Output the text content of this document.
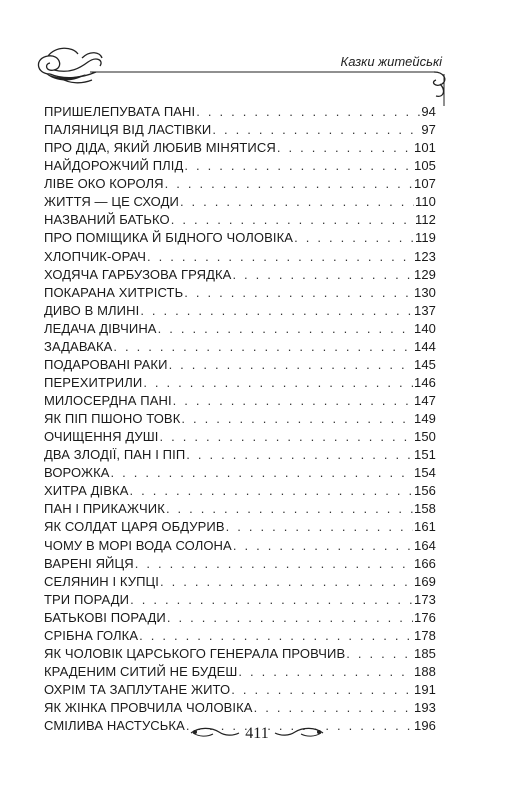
Казки житейські
ПРИШЕЛЕПУВАТА ПАНІ . . .	94
ПАЛЯНИЦЯ ВІД ЛАСТІВКИ . . .	97
ПРО ДІДА, ЯКИЙ ЛЮБИВ МІНЯТИСЯ . . .	101
НАЙДОРОЖЧИЙ ПЛІД . . .	105
ЛІВЕ ОКО КОРОЛЯ . . .	107
ЖИТТЯ — ЦЕ СХОДИ . . .	110
НАЗВАНИЙ БАТЬКО . . .	112
ПРО ПОМІЩИКА Й БІДНОГО ЧОЛОВІКА . . .	119
ХЛОПЧИК-ОРАЧ . . .	123
ХОДЯЧА ГАРБУЗОВА ГРЯДКА . . .	129
ПОКАРАНА ХИТРІСТЬ . . .	130
ДИВО В МЛИНІ . . .	137
ЛЕДАЧА ДІВЧИНА . . .	140
ЗАДАВАКА . . .	144
ПОДАРОВАНІ РАКИ . . .	145
ПЕРЕХИТРИЛИ . . .	146
МИЛОСЕРДНА ПАНІ . . .	147
ЯК ПІП ПШОНО ТОВК . . .	149
ОЧИЩЕННЯ ДУШІ . . .	150
ДВА ЗЛОДІЇ, ПАН І ПІП . . .	151
ВОРОЖКА . . .	154
ХИТРА ДІВКА . . .	156
ПАН І ПРИКАЖЧИК . . .	158
ЯК СОЛДАТ ЦАРЯ ОБДУРИВ . . .	161
ЧОМУ В МОРІ ВОДА СОЛОНА . . .	164
ВАРЕНІ ЯЙЦЯ . . .	166
СЕЛЯНИН І КУПЦІ . . .	169
ТРИ ПОРАДИ . . .	173
БАТЬКОВІ ПОРАДИ . . .	176
СРІБНА ГОЛКА . . .	178
ЯК ЧОЛОВІК ЦАРСЬКОГО ГЕНЕРАЛА ПРОВЧИВ . . .	185
КРАДЕНИМ СИТИЙ НЕ БУДЕШ . . .	188
ОХРІМ ТА ЗАПЛУТАНЕ ЖИТО . . .	191
ЯК ЖІНКА ПРОВЧИЛА ЧОЛОВІКА . . .	193
СМІЛИВА НАСТУСЬКА . . .	196
411
